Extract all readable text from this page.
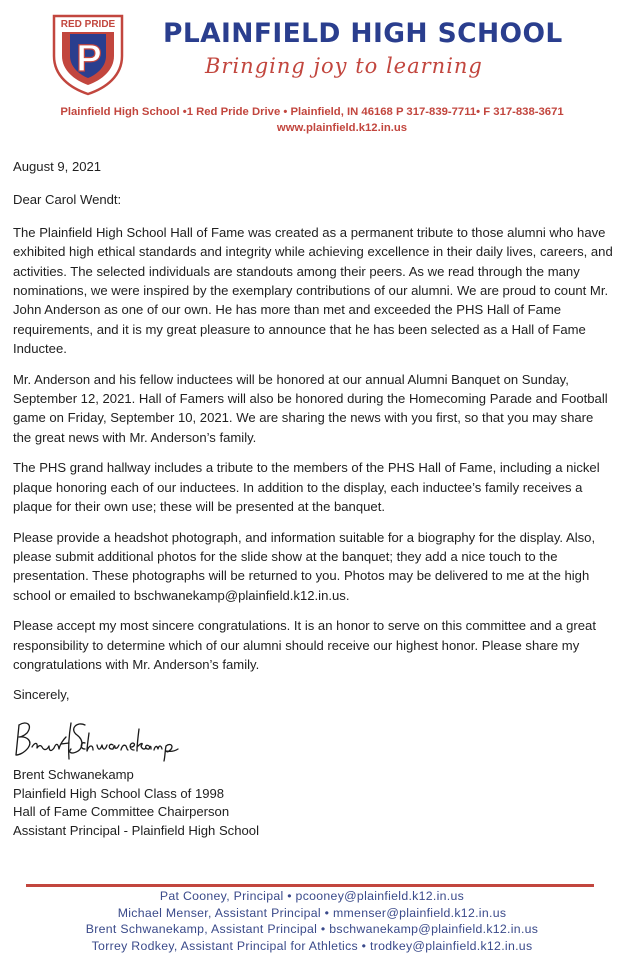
RED PRIDE
P
PLAINFIELD HIGH SCHOOL
Bringing joy to learning
Plainfield High School •1 Red Pride Drive • Plainfield, IN 46168 P 317-839-7711• F 317-838-3671
www.plainfield.k12.in.us

August 9, 2021

Dear Carol Wendt:

The Plainfield High School Hall of Fame was created as a permanent tribute to those alumni who have exhibited high ethical standards and integrity while achieving excellence in their daily lives, careers, and activities. The selected individuals are standouts among their peers. As we read through the many nominations, we were inspired by the exemplary contributions of our alumni. We are proud to count Mr. John Anderson as one of our own. He has more than met and exceeded the PHS Hall of Fame requirements, and it is my great pleasure to announce that he has been selected as a Hall of Fame Inductee.

Mr. Anderson and his fellow inductees will be honored at our annual Alumni Banquet on Sunday, September 12, 2021. Hall of Famers will also be honored during the Homecoming Parade and Football game on Friday, September 10, 2021. We are sharing the news with you first, so that you may share the great news with Mr. Anderson’s family.

The PHS grand hallway includes a tribute to the members of the PHS Hall of Fame, including a nickel plaque honoring each of our inductees. In addition to the display, each inductee’s family receives a plaque for their own use; these will be presented at the banquet.

Please provide a headshot photograph, and information suitable for a biography for the display. Also, please submit additional photos for the slide show at the banquet; they add a nice touch to the presentation. These photographs will be returned to you. Photos may be delivered to me at the high school or emailed to bschwanekamp@plainfield.k12.in.us.

Please accept my most sincere congratulations. It is an honor to serve on this committee and a great responsibility to determine which of our alumni should receive our highest honor. Please share my congratulations with Mr. Anderson’s family.

Sincerely,

Brent Schwanekamp
Plainfield High School Class of 1998
Hall of Fame Committee Chairperson
Assistant Principal - Plainfield High School
Pat Cooney, Principal • pcooney@plainfield.k12.in.us
Michael Menser, Assistant Principal • mmenser@plainfield.k12.in.us
Brent Schwanekamp, Assistant Principal • bschwanekamp@plainfield.k12.in.us
Torrey Rodkey, Assistant Principal for Athletics • trodkey@plainfield.k12.in.us
